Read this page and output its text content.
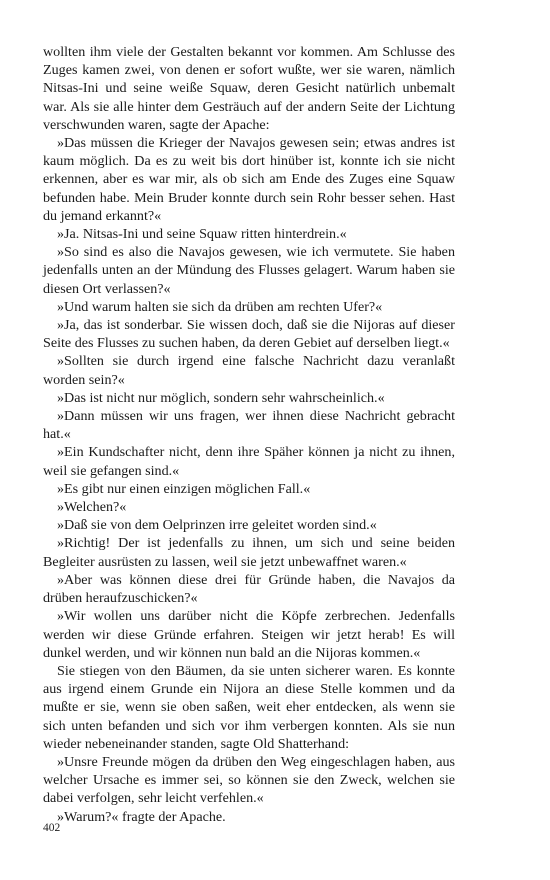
wollten ihm viele der Gestalten bekannt vor kommen. Am Schlusse des Zuges kamen zwei, von denen er sofort wußte, wer sie waren, nämlich Nitsas-Ini und seine weiße Squaw, deren Gesicht natürlich unbemalt war. Als sie alle hinter dem Gesträuch auf der andern Seite der Lichtung verschwunden waren, sagte der Apache:

»Das müssen die Krieger der Navajos gewesen sein; etwas andres ist kaum möglich. Da es zu weit bis dort hinüber ist, konnte ich sie nicht erkennen, aber es war mir, als ob sich am Ende des Zuges eine Squaw befunden habe. Mein Bruder konnte durch sein Rohr besser sehen. Hast du jemand erkannt?«

»Ja. Nitsas-Ini und seine Squaw ritten hinterdrein.«

»So sind es also die Navajos gewesen, wie ich vermutete. Sie haben jedenfalls unten an der Mündung des Flusses gelagert. Warum haben sie diesen Ort verlassen?«

»Und warum halten sie sich da drüben am rechten Ufer?«

»Ja, das ist sonderbar. Sie wissen doch, daß sie die Nijoras auf dieser Seite des Flusses zu suchen haben, da deren Gebiet auf derselben liegt.«

»Sollten sie durch irgend eine falsche Nachricht dazu veranlaßt worden sein?«

»Das ist nicht nur möglich, sondern sehr wahrscheinlich.«

»Dann müssen wir uns fragen, wer ihnen diese Nachricht gebracht hat.«

»Ein Kundschafter nicht, denn ihre Späher können ja nicht zu ihnen, weil sie gefangen sind.«

»Es gibt nur einen einzigen möglichen Fall.«

»Welchen?«

»Daß sie von dem Oelprinzen irre geleitet worden sind.«

»Richtig! Der ist jedenfalls zu ihnen, um sich und seine beiden Begleiter ausrüsten zu lassen, weil sie jetzt unbewaffnet waren.«

»Aber was können diese drei für Gründe haben, die Navajos da drüben heraufzuschicken?«

»Wir wollen uns darüber nicht die Köpfe zerbrechen. Jedenfalls werden wir diese Gründe erfahren. Steigen wir jetzt herab! Es will dunkel werden, und wir können nun bald an die Nijoras kommen.«

Sie stiegen von den Bäumen, da sie unten sicherer waren. Es konnte aus irgend einem Grunde ein Nijora an diese Stelle kommen und da mußte er sie, wenn sie oben saßen, weit eher entdecken, als wenn sie sich unten befanden und sich vor ihm verbergen konnten. Als sie nun wieder nebeneinander standen, sagte Old Shatterhand:

»Unsre Freunde mögen da drüben den Weg eingeschlagen haben, aus welcher Ursache es immer sei, so können sie den Zweck, welchen sie dabei verfolgen, sehr leicht verfehlen.«

»Warum?« fragte der Apache.

402
